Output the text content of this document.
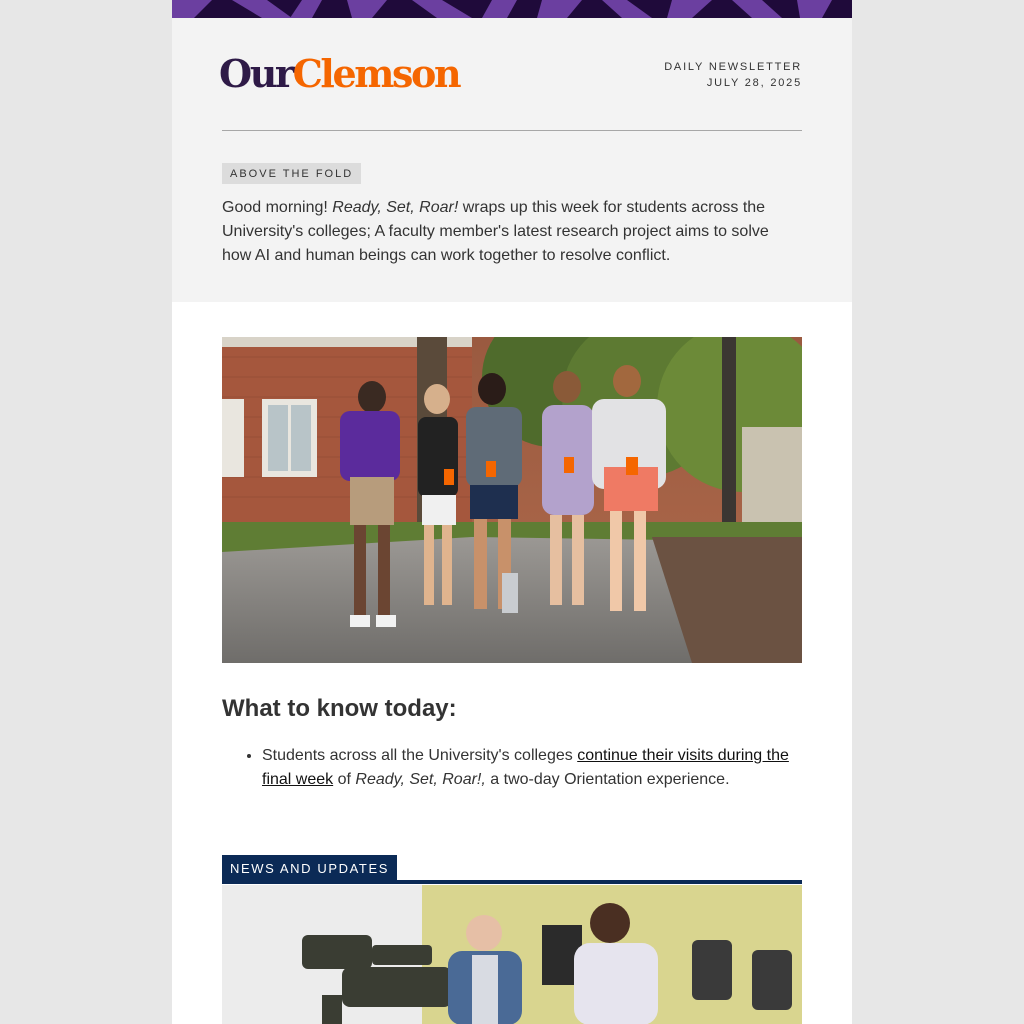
OurClemson	DAILY NEWSLETTER
JULY 28, 2025
ABOVE THE FOLD

Good morning! Ready, Set, Roar! wraps up this week for students across the University's colleges; A faculty member's latest research project aims to solve how AI and human beings can work together to resolve conflict.

What to know today:
• Students across all the University's colleges continue their visits during the final week of Ready, Set, Roar!, a two-day Orientation experience.
NEWS AND UPDATES
